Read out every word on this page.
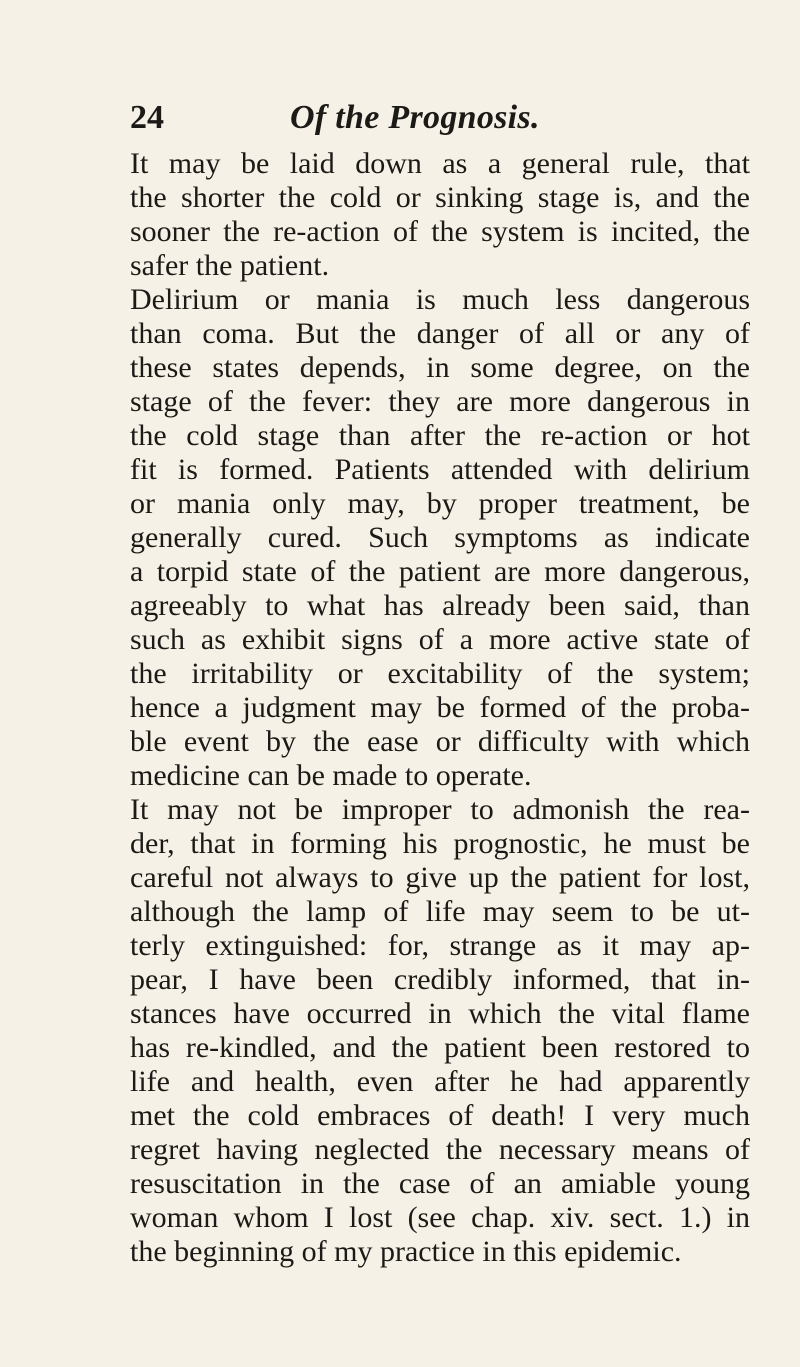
24	Of the Prognosis.
It may be laid down as a general rule, that
the shorter the cold or sinking stage is, and the
sooner the re-action of the system is incited, the
safer the patient.
Delirium or mania is much less dangerous
than coma. But the danger of all or any of
these states depends, in some degree, on the
stage of the fever: they are more dangerous in
the cold stage than after the re-action or hot
fit is formed. Patients attended with delirium
or mania only may, by proper treatment, be
generally cured. Such symptoms as indicate
a torpid state of the patient are more dangerous,
agreeably to what has already been said, than
such as exhibit signs of a more active state of
the irritability or excitability of the system;
hence a judgment may be formed of the proba-
ble event by the ease or difficulty with which
medicine can be made to operate.
It may not be improper to admonish the rea-
der, that in forming his prognostic, he must be
careful not always to give up the patient for lost,
although the lamp of life may seem to be ut-
terly extinguished: for, strange as it may ap-
pear, I have been credibly informed, that in-
stances have occurred in which the vital flame
has re-kindled, and the patient been restored to
life and health, even after he had apparently
met the cold embraces of death! I very much
regret having neglected the necessary means of
resuscitation in the case of an amiable young
woman whom I lost (see chap. xiv. sect. 1.) in
the beginning of my practice in this epidemic.
